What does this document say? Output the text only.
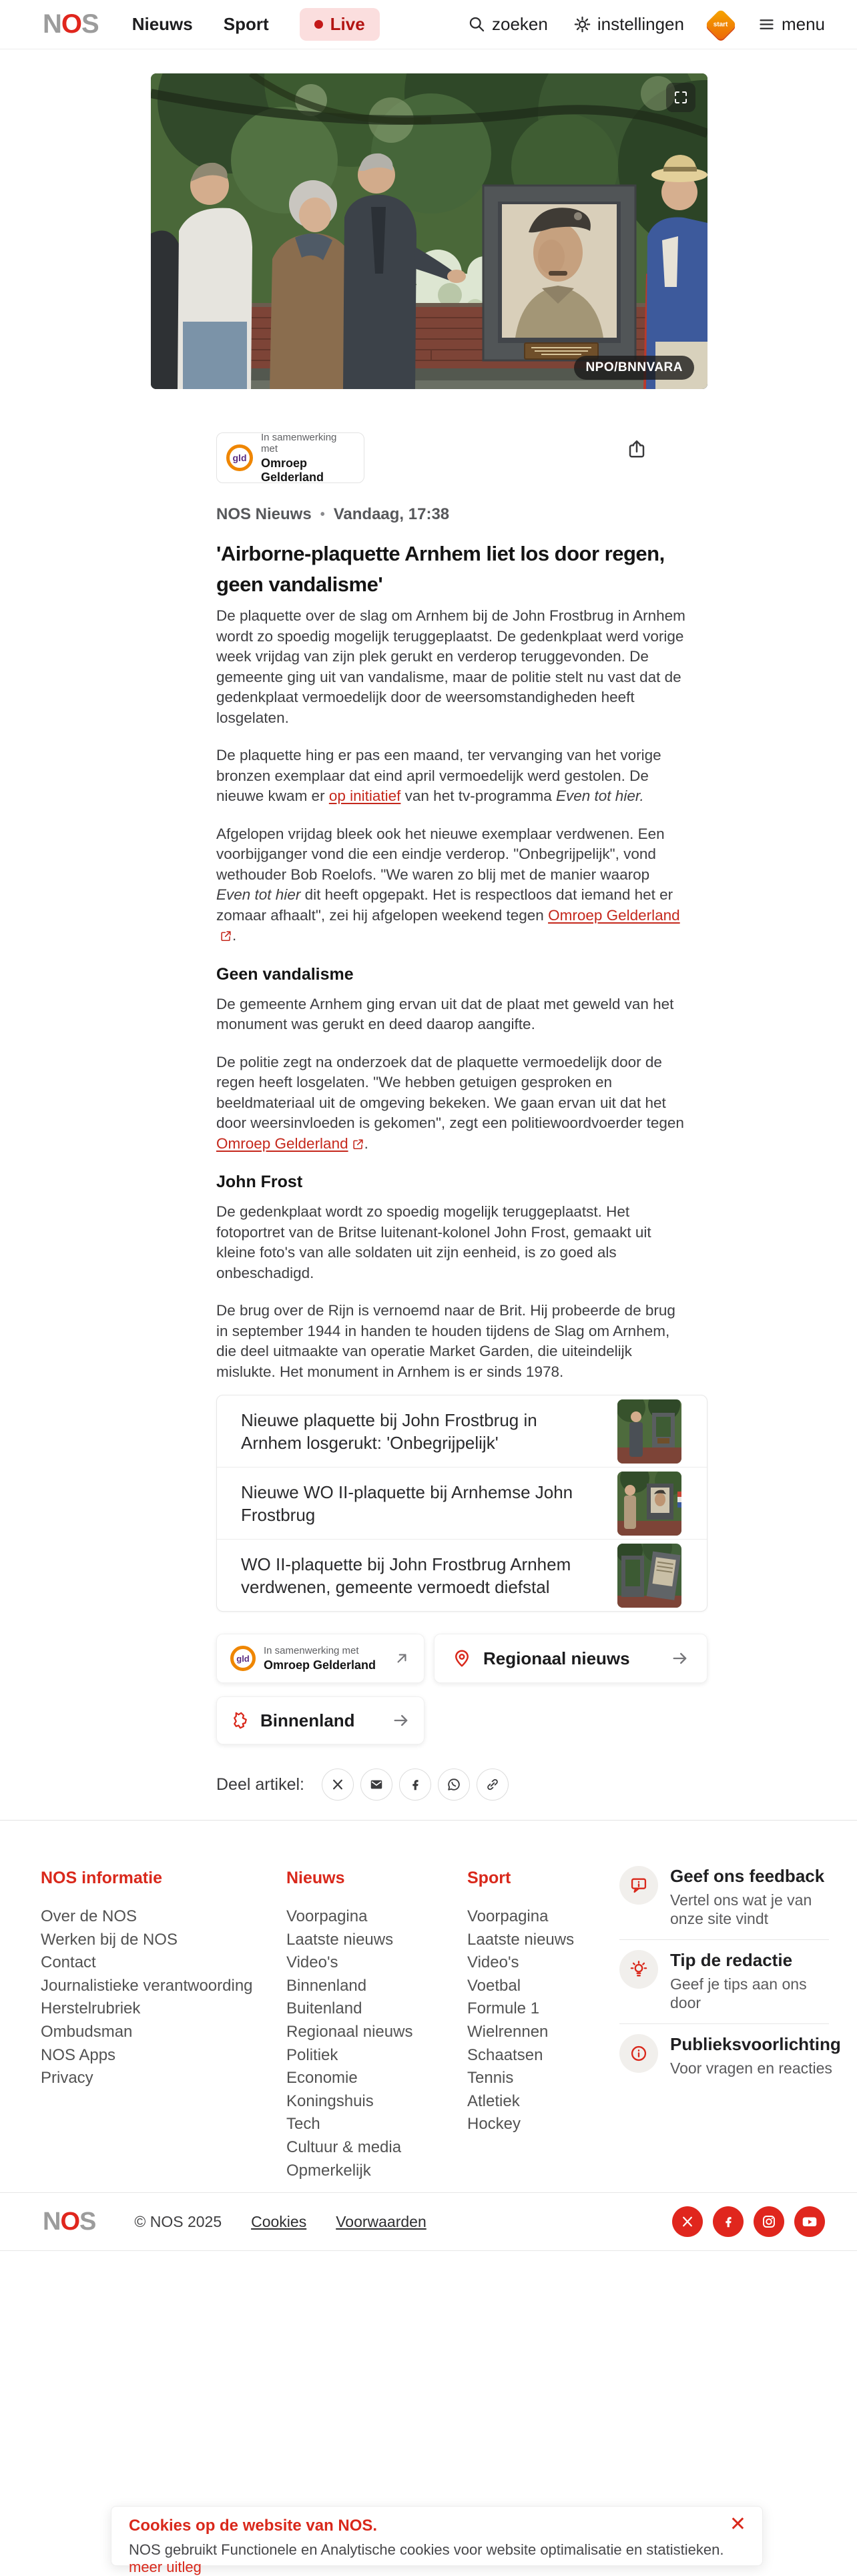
N O S Nieuws Sport	Live	zoeken	instellingen	start	menu
NPO/BNNVARA
gld
In samenwerking met
Omroep Gelderland
NOS Nieuws • Vandaag, 17:38
'Airborne-plaquette Arnhem liet los door regen, geen vandalisme'

De plaquette over de slag om Arnhem bij de John Frostbrug in Arnhem wordt zo spoedig mogelijk teruggeplaatst. De gedenkplaat werd vorige week vrijdag van zijn plek gerukt en verderop teruggevonden. De gemeente ging uit van vandalisme, maar de politie stelt nu vast dat de gedenkplaat vermoedelijk door de weersomstandigheden heeft losgelaten.

De plaquette hing er pas een maand, ter vervanging van het vorige bronzen exemplaar dat eind april vermoedelijk werd gestolen. De nieuwe kwam er op initiatief van het tv-programma Even tot hier.

Afgelopen vrijdag bleek ook het nieuwe exemplaar verdwenen. Een voorbijganger vond die een eindje verderop. "Onbegrijpelijk", vond wethouder Bob Roelofs. "We waren zo blij met de manier waarop Even tot hier dit heeft opgepakt. Het is respectloos dat iemand het er zomaar afhaalt", zei hij afgelopen weekend tegen Omroep Gelderland
.

Geen vandalisme

De gemeente Arnhem ging ervan uit dat de plaat met geweld van het monument was gerukt en deed daarop aangifte.

De politie zegt na onderzoek dat de plaquette vermoedelijk door de regen heeft losgelaten. "We hebben getuigen gesproken en beeldmateriaal uit de omgeving bekeken. We gaan ervan uit dat het door weersinvloeden is gekomen", zegt een politiewoordvoerder tegen Omroep Gelderland .

John Frost

De gedenkplaat wordt zo spoedig mogelijk teruggeplaatst. Het fotoportret van de Britse luitenant-kolonel John Frost, gemaakt uit kleine foto's van alle soldaten uit zijn eenheid, is zo goed als onbeschadigd.

De brug over de Rijn is vernoemd naar de Brit. Hij probeerde de brug in september 1944 in handen te houden tijdens de Slag om Arnhem, die deel uitmaakte van operatie Market Garden, die uiteindelijk mislukte. Het monument in Arnhem is er sinds 1978.

Nieuwe plaquette bij John Frostbrug in Arnhem losgerukt: 'Onbegrijpelijk'
Nieuwe WO II-plaquette bij Arnhemse John Frostbrug
WO II-plaquette bij John Frostbrug Arnhem verdwenen, gemeente vermoedt diefstal
gld
In samenwerking met
Omroep Gelderland	Regionaal nieuws
Binnenland
Deel artikel:
NOS informatie
Over de NOS
Werken bij de NOS
Contact
Journalistieke verantwoording
Herstelrubriek
Ombudsman
NOS Apps
Privacy
Nieuws
Voorpagina
Laatste nieuws
Video's
Binnenland
Buitenland
Regionaal nieuws
Politiek
Economie
Koningshuis
Tech
Cultuur & media
Opmerkelijk
Sport
Voorpagina
Laatste nieuws
Video's
Voetbal
Formule 1
Wielrennen
Schaatsen
Tennis
Atletiek
Hockey
Geef ons feedback
Vertel ons wat je van onze site vindt
Tip de redactie
Geef je tips aan ons door
Publieksvoorlichting
Voor vragen en reacties
N O S	© NOS 2025 Cookies Voorwaarden
Cookies op de website van NOS.
NOS gebruikt Functionele en Analytische cookies voor website optimalisatie en statistieken. meer uitleg
✕
